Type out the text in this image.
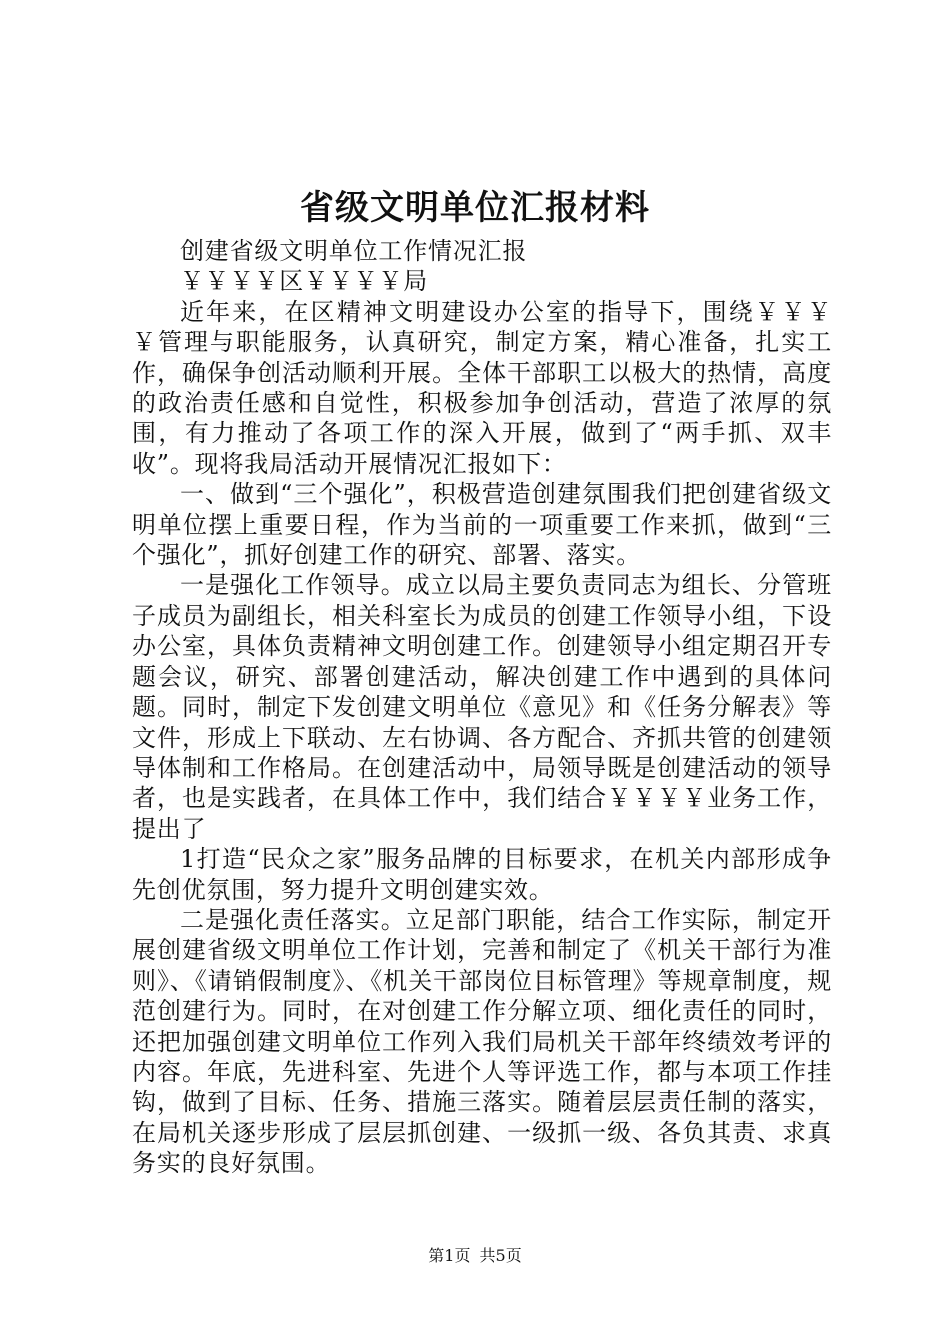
省级文明单位汇报材料

创建省级文明单位工作情况汇报

￥￥￥￥区￥￥￥￥局

近年来，在区精神文明建设办公室的指导下，围绕￥￥￥￥管理与职能服务，认真研究，制定方案，精心准备，扎实工作，确保争创活动顺利开展。全体干部职工以极大的热情，高度的政治责任感和自觉性，积极参加争创活动，营造了浓厚的氛围，有力推动了各项工作的深入开展，做到了“两手抓、双丰收”。现将我局活动开展情况汇报如下：

一、做到“三个强化”，积极营造创建氛围我们把创建省级文明单位摆上重要日程，作为当前的一项重要工作来抓，做到“三个强化”，抓好创建工作的研究、部署、落实。

一是强化工作领导。成立以局主要负责同志为组长、分管班子成员为副组长，相关科室长为成员的创建工作领导小组，下设办公室，具体负责精神文明创建工作。创建领导小组定期召开专题会议，研究、部署创建活动，解决创建工作中遇到的具体问题。同时，制定下发创建文明单位《意见》和《任务分解表》等文件，形成上下联动、左右协调、各方配合、齐抓共管的创建领导体制和工作格局。在创建活动中，局领导既是创建活动的领导者，也是实践者，在具体工作中，我们结合￥￥￥￥业务工作，提出了

1打造“民众之家”服务品牌的目标要求，在机关内部形成争先创优氛围，努力提升文明创建实效。

二是强化责任落实。立足部门职能，结合工作实际，制定开展创建省级文明单位工作计划，完善和制定了《机关干部行为准则》、《请销假制度》、《机关干部岗位目标管理》等规章制度，规范创建行为。同时，在对创建工作分解立项、细化责任的同时，还把加强创建文明单位工作列入我们局机关干部年终绩效考评的内容。年底，先进科室、先进个人等评选工作，都与本项工作挂钩，做到了目标、任务、措施三落实。随着层层责任制的落实，在局机关逐步形成了层层抓创建、一级抓一级、各负其责、求真务实的良好氛围。

第1页 共5页
